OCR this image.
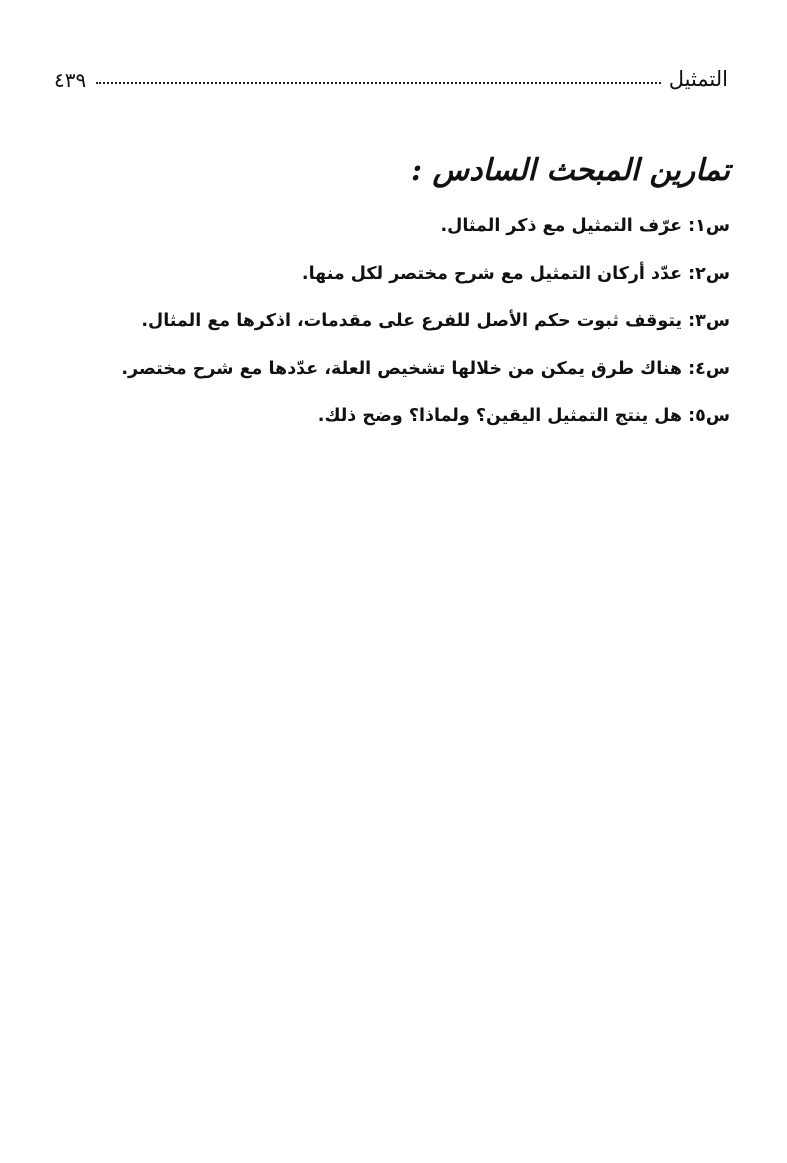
التمثيل
٤٣٩
تمارين المبحث السادس :
س١: عرّف التمثيل مع ذكر المثال.
س٢: عدّد أركان التمثيل مع شرح مختصر لكل منها.
س٣: يتوقف ثبوت حكم الأصل للفرع على مقدمات، اذكرها مع المثال.
س٤: هناك طرق يمكن من خلالها تشخيص العلة، عدّدها مع شرح مختصر.
س٥: هل ينتج التمثيل اليقين؟ ولماذا؟ وضح ذلك.
